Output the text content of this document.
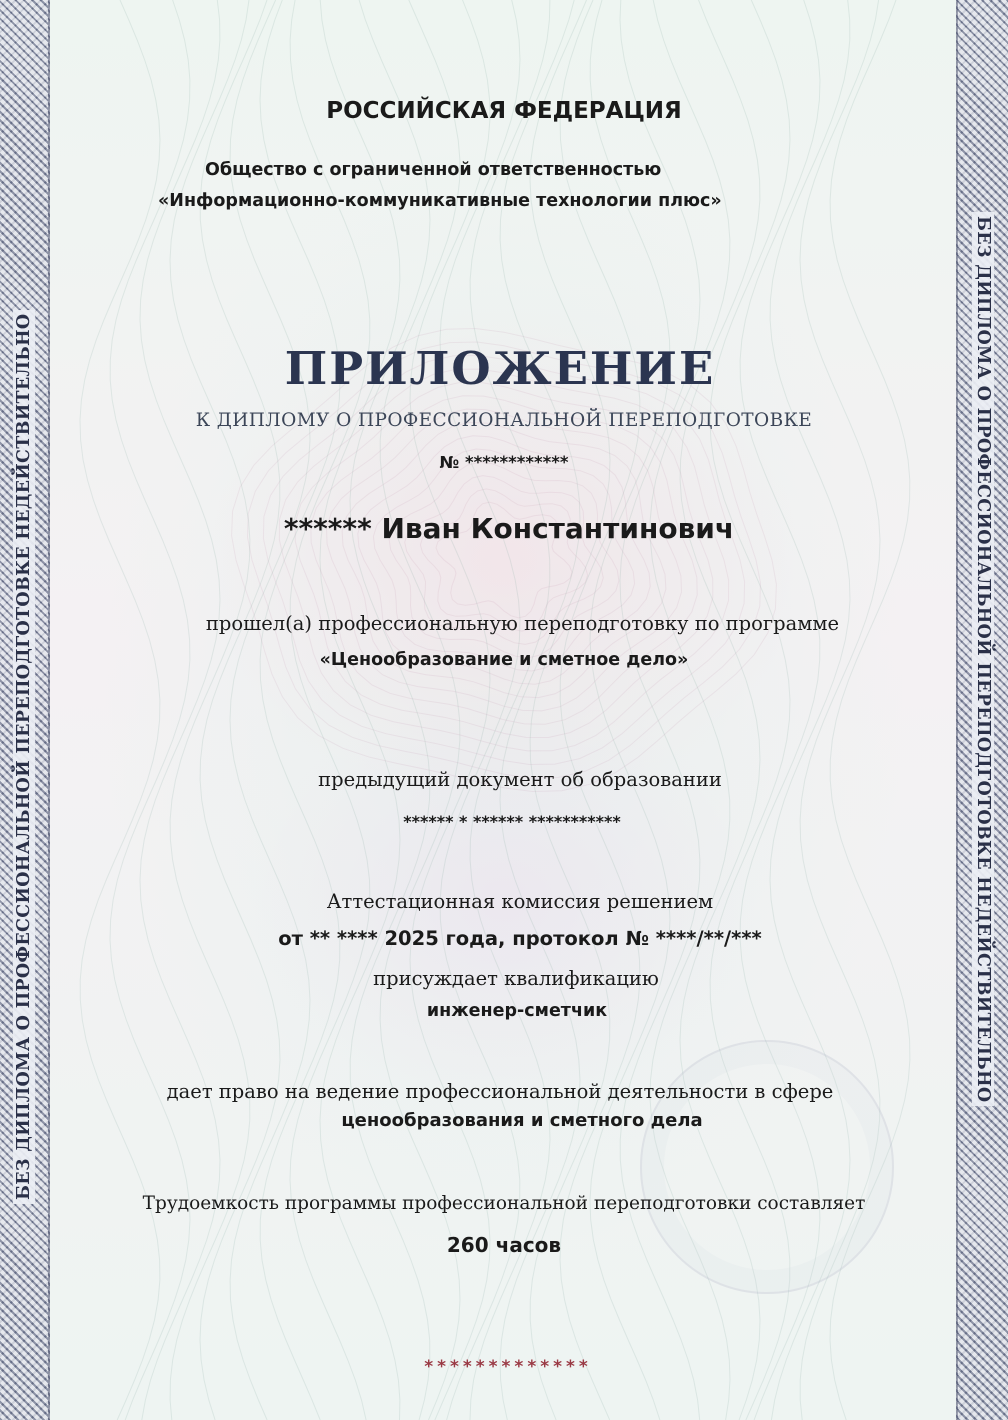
БЕЗ ДИПЛОМА О ПРОФЕССИОНАЛЬНОЙ ПЕРЕПОДГОТОВКЕ НЕДЕЙСТВИТЕЛЬНО	БЕЗ ДИПЛОМА О ПРОФЕССИОНАЛЬНОЙ ПЕРЕПОДГОТОВКЕ НЕДЕЙСТВИТЕЛЬНО
РОССИЙСКАЯ ФЕДЕРАЦИЯ
Общество с ограниченной ответственностью
«Информационно-коммуникативные технологии плюс»
ПРИЛОЖЕНИЕ
К ДИПЛОМУ О ПРОФЕССИОНАЛЬНОЙ ПЕРЕПОДГОТОВКЕ
№ ************
****** Иван Константинович
прошел(а) профессиональную переподготовку по программе
«Ценообразование и сметное дело»
предыдущий документ об образовании
****** * ****** ***********
Аттестационная комиссия решением
от ** **** 2025 года, протокол № ****/**/***
присуждает квалификацию
инженер-сметчик
дает право на ведение профессиональной деятельности в сфере
ценообразования и сметного дела
Трудоемкость программы профессиональной переподготовки составляет
260 часов
*************
